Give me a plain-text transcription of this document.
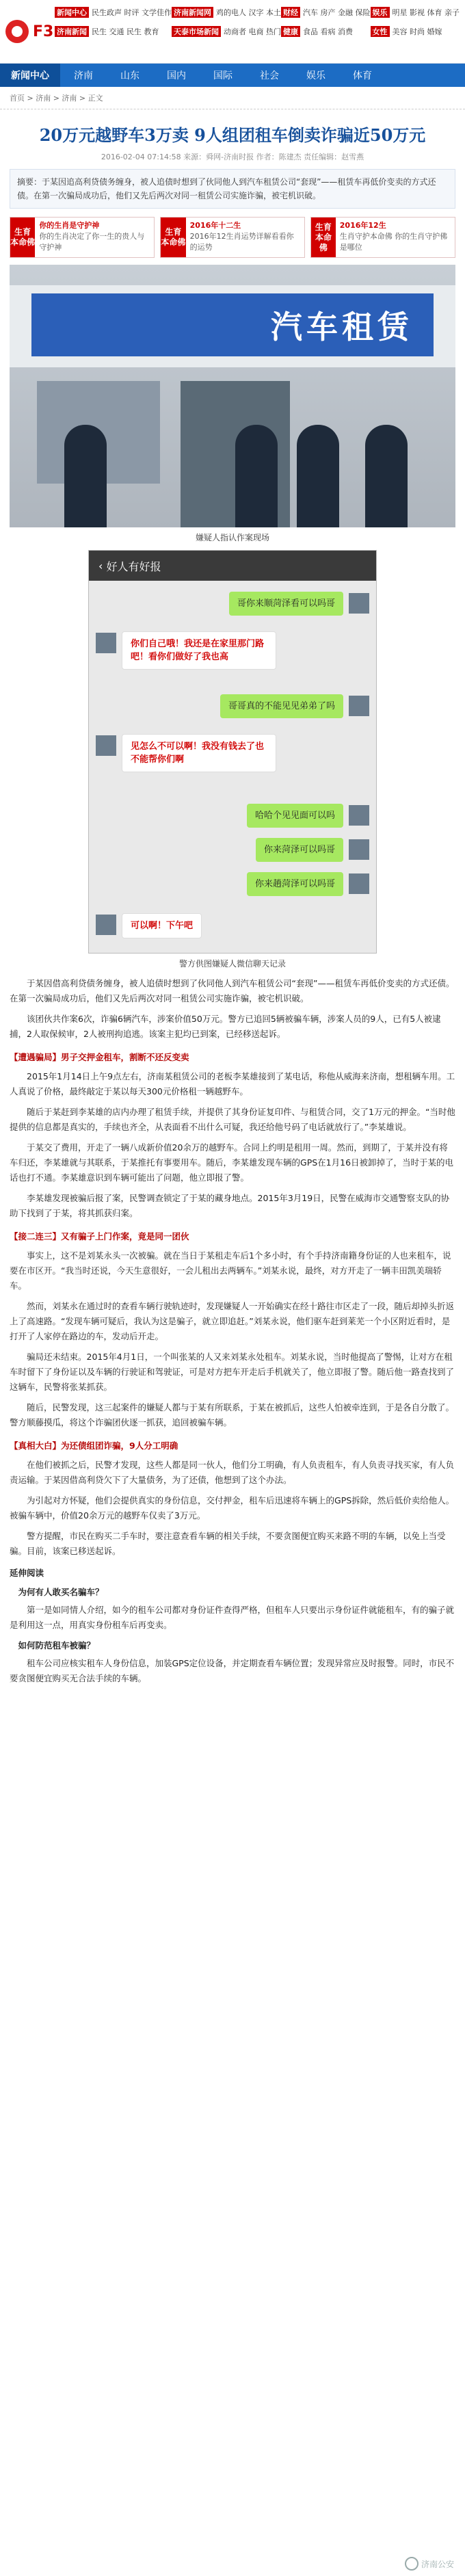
F3
新闻中心 民生政声 时评 文学佳作 济南新闻网 鸡的电人 汉字 本土 财经 汽车 房产 金融 保险 娱乐 明星 影视 体育 亲子
济南新闻 民生 交通 民生 教育 天泰市场新闻 动商者 电商 热门 健康 食品 看病 消费	女性 美容 时尚 婚嫁
新闻中心	济南	山东	国内	国际	社会	娱乐	体育
首页 > 济南 > 济南 > 正文
20万元越野车3万卖 9人组团租车倒卖诈骗近50万元
2016-02-04 07:14:58 来源：舜网-济南时报 作者：陈建杰 责任编辑：赵雪燕
摘要：于某因追高利贷债务缠身，被人追债时想到了伙同他人到汽车租赁公司“套现”——租赁车再低价变卖的方式还债。在第一次骗局成功后，他们又先后两次对同一租赁公司实施诈骗，被宅机识破。
生育
本命佛
你的生肖是守护神
你的生肖决定了你一生的贵人与守护神
生育
本命佛
2016年十二生
2016年12生肖运势详解看看你的运势
生育
本命佛
2016年12生
生肖守护本命佛 你的生肖守护佛是哪位
汽车租赁
嫌疑人指认作案现场
‹ 好人有好报
哥你来顺菏泽看可以吗哥
你们自己哦！我还是在家里那门路吧！看你们做好了我也高
哥哥真的不能见见弟弟了吗
见怎么不可以啊！我没有钱去了也不能帮你们啊
哈哈个见见面可以吗
你来菏泽可以吗哥
你来趟菏泽可以吗哥
可以啊！下午吧
警方供图嫌疑人微信聊天记录

于某因借高利贷债务缠身，被人追债时想到了伙同他人到汽车租赁公司“套现”——租赁车再低价变卖的方式还债。在第一次骗局成功后，他们又先后两次对同一租赁公司实施诈骗，被宅机识破。

该团伙共作案6次，诈骗6辆汽车，涉案价值50万元。警方已追回5辆被骗车辆，涉案人员的9人，已有5人被逮捕，2人取保候审，2人被刑拘追逃。该案主犯均已到案，已经移送起诉。

【遭遇骗局】男子交押金租车，割断不还反变卖

2015年1月14日上午9点左右，济南某租赁公司的老板李某雄接到了某电话，称他从威海来济南，想租辆车用。工人真说了价格，最终敲定于某以每天300元价格租一辆越野车。

随后于某赶到李某雄的店内办理了租赁手续，并提供了其身份证复印件、与租赁合同，交了1万元的押金。“当时他提供的信息都是真实的，手续也齐全，从表面看不出什么可疑，我还给他号码了电话就放行了。”李某雄说。

于某交了费用，开走了一辆八成新价值20余万的越野车。合同上约明是租用一周。然而，到期了，于某并没有将车归还，李某雄就与其联系，于某推托有事要用车。随后，李某雄发现车辆的GPS在1月16日被卸掉了，当时于某的电话也打不通。李某雄意识到车辆可能出了问题，他立即报了警。

李某雄发现被骗后报了案，民警调查锁定了于某的藏身地点。2015年3月19日，民警在威海市交通警察支队的协助下找到了于某，将其抓获归案。

【接二连三】又有骗子上门作案，竟是同一团伙

事实上，这不是刘某永头一次被骗。就在当日于某租走车后1个多小时，有个手持济南籍身份证的人也来租车，说要在市区开。“我当时还说，今天生意很好，一会儿租出去两辆车。”刘某永说，最终，对方开走了一辆丰田凯美瑞轿车。

然而，刘某永在通过时的查看车辆行驶轨迹时，发现嫌疑人一开始确实在经十路往市区走了一段，随后却掉头折返上了高速路。“发现车辆可疑后，我认为这是骗子，就立即追赶。”刘某永说，他们驱车赶到莱芜一个小区附近看时，是打开了人家停在路边的车，发动后开走。

骗局还未结束。2015年4月1日，一个叫张某的人又来刘某永处租车。刘某永说，当时他提高了警惕，让对方在租车时留下了身份证以及车辆的行驶证和驾驶证，可是对方把车开走后手机就关了，他立即报了警。随后他一路查找到了这辆车，民警将张某抓获。

随后，民警发现，这三起案件的嫌疑人都与于某有所联系，于某在被抓后，这些人怕被牵连到，于是各自分散了。警方顺藤摸瓜，将这个诈骗团伙逐一抓获，追回被骗车辆。

【真相大白】为还债组团诈骗，9人分工明确

在他们被抓之后，民警才发现，这些人都是同一伙人，他们分工明确，有人负责租车，有人负责寻找买家，有人负责运输。于某因借高利贷欠下了大量债务，为了还债，他想到了这个办法。

为引起对方怀疑，他们会提供真实的身份信息，交付押金，租车后迅速将车辆上的GPS拆除，然后低价卖给他人。被骗车辆中，价值20余万元的越野车仅卖了3万元。

警方提醒，市民在购买二手车时，要注意查看车辆的相关手续，不要贪图便宜购买来路不明的车辆，以免上当受骗。目前，该案已移送起诉。

延伸阅读
为何有人敢买名骗车？

第一是如同情人介绍，如今的租车公司都对身份证件查得严格，但租车人只要出示身份证件就能租车，有的骗子就是利用这一点，用真实身份租车后再变卖。

如何防范租车被骗？

租车公司应核实租车人身份信息，加装GPS定位设备，并定期查看车辆位置；发现异常应及时报警。同时，市民不要贪图便宜购买无合法手续的车辆。

济南公安
